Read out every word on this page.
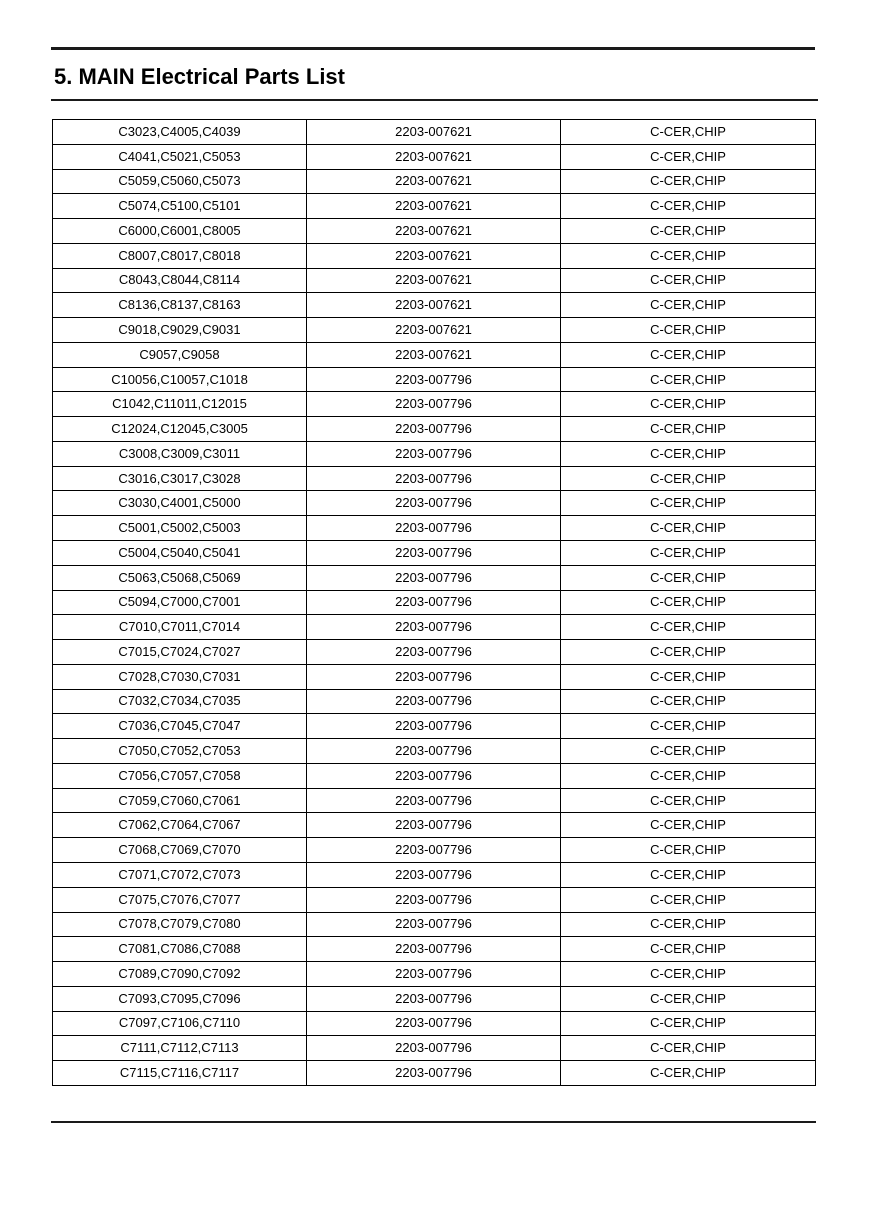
5. MAIN Electrical Parts List
C3023,C4005,C4039	2203-007621	C-CER,CHIP
C4041,C5021,C5053	2203-007621	C-CER,CHIP
C5059,C5060,C5073	2203-007621	C-CER,CHIP
C5074,C5100,C5101	2203-007621	C-CER,CHIP
C6000,C6001,C8005	2203-007621	C-CER,CHIP
C8007,C8017,C8018	2203-007621	C-CER,CHIP
C8043,C8044,C8114	2203-007621	C-CER,CHIP
C8136,C8137,C8163	2203-007621	C-CER,CHIP
C9018,C9029,C9031	2203-007621	C-CER,CHIP
C9057,C9058	2203-007621	C-CER,CHIP
C10056,C10057,C1018	2203-007796	C-CER,CHIP
C1042,C11011,C12015	2203-007796	C-CER,CHIP
C12024,C12045,C3005	2203-007796	C-CER,CHIP
C3008,C3009,C3011	2203-007796	C-CER,CHIP
C3016,C3017,C3028	2203-007796	C-CER,CHIP
C3030,C4001,C5000	2203-007796	C-CER,CHIP
C5001,C5002,C5003	2203-007796	C-CER,CHIP
C5004,C5040,C5041	2203-007796	C-CER,CHIP
C5063,C5068,C5069	2203-007796	C-CER,CHIP
C5094,C7000,C7001	2203-007796	C-CER,CHIP
C7010,C7011,C7014	2203-007796	C-CER,CHIP
C7015,C7024,C7027	2203-007796	C-CER,CHIP
C7028,C7030,C7031	2203-007796	C-CER,CHIP
C7032,C7034,C7035	2203-007796	C-CER,CHIP
C7036,C7045,C7047	2203-007796	C-CER,CHIP
C7050,C7052,C7053	2203-007796	C-CER,CHIP
C7056,C7057,C7058	2203-007796	C-CER,CHIP
C7059,C7060,C7061	2203-007796	C-CER,CHIP
C7062,C7064,C7067	2203-007796	C-CER,CHIP
C7068,C7069,C7070	2203-007796	C-CER,CHIP
C7071,C7072,C7073	2203-007796	C-CER,CHIP
C7075,C7076,C7077	2203-007796	C-CER,CHIP
C7078,C7079,C7080	2203-007796	C-CER,CHIP
C7081,C7086,C7088	2203-007796	C-CER,CHIP
C7089,C7090,C7092	2203-007796	C-CER,CHIP
C7093,C7095,C7096	2203-007796	C-CER,CHIP
C7097,C7106,C7110	2203-007796	C-CER,CHIP
C7111,C7112,C7113	2203-007796	C-CER,CHIP
C7115,C7116,C7117	2203-007796	C-CER,CHIP
